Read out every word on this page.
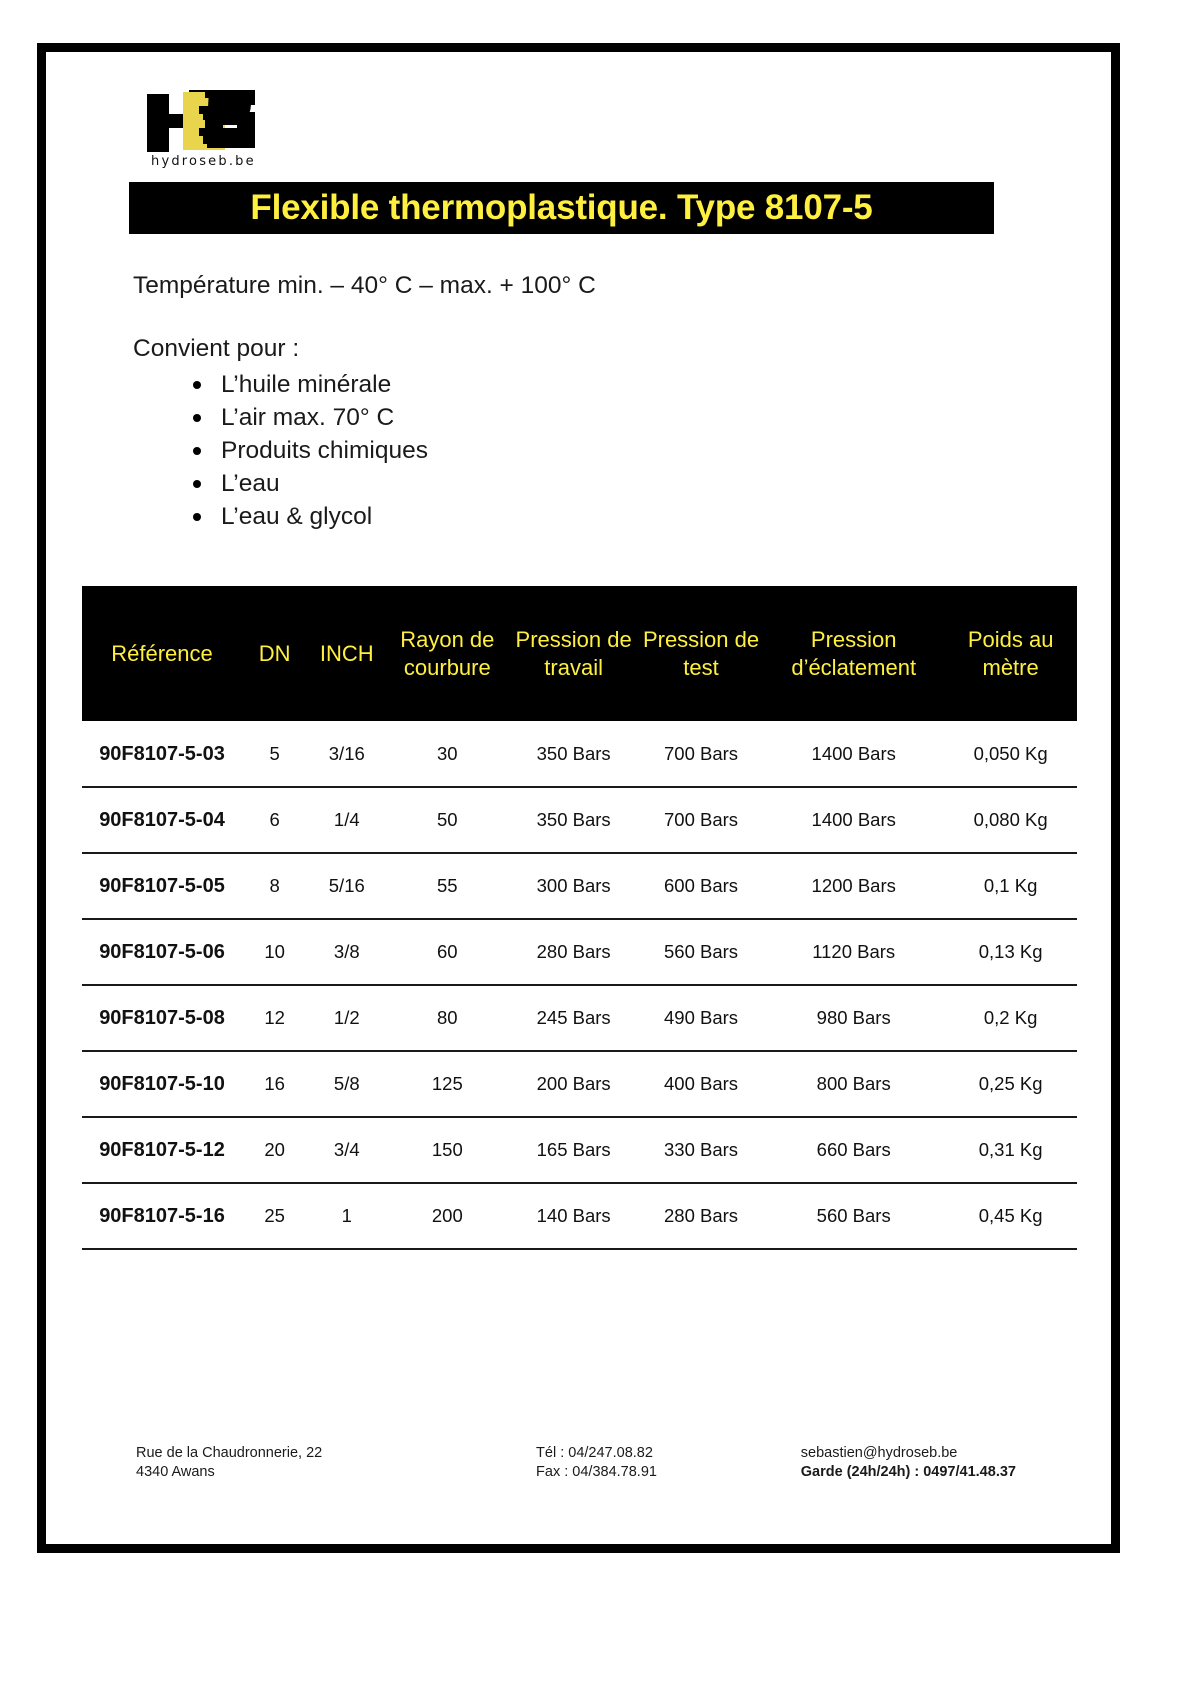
hydroseb.be
Flexible thermoplastique. Type 8107-5
Température min. – 40° C – max. + 100° C
Convient pour :
L’huile minérale
L’air max. 70° C
Produits chimiques
L’eau
L’eau & glycol
Référence	DN	INCH	Rayon de courbure	Pression de travail	Pression de test	Pression d’éclatement	Poids au mètre
90F8107-5-03	5	3/16	30	350 Bars	700 Bars	1400 Bars	0,050 Kg
90F8107-5-04	6	1/4	50	350 Bars	700 Bars	1400 Bars	0,080 Kg
90F8107-5-05	8	5/16	55	300 Bars	600 Bars	1200 Bars	0,1 Kg
90F8107-5-06	10	3/8	60	280 Bars	560 Bars	1120 Bars	0,13 Kg
90F8107-5-08	12	1/2	80	245 Bars	490 Bars	980 Bars	0,2 Kg
90F8107-5-10	16	5/8	125	200 Bars	400 Bars	800 Bars	0,25 Kg
90F8107-5-12	20	3/4	150	165 Bars	330 Bars	660 Bars	0,31 Kg
90F8107-5-16	25	1	200	140 Bars	280 Bars	560 Bars	0,45 Kg
Rue de la Chaudronnerie, 22
4340 Awans
Tél : 04/247.08.82
Fax : 04/384.78.91
sebastien@hydroseb.be
Garde (24h/24h) : 0497/41.48.37
